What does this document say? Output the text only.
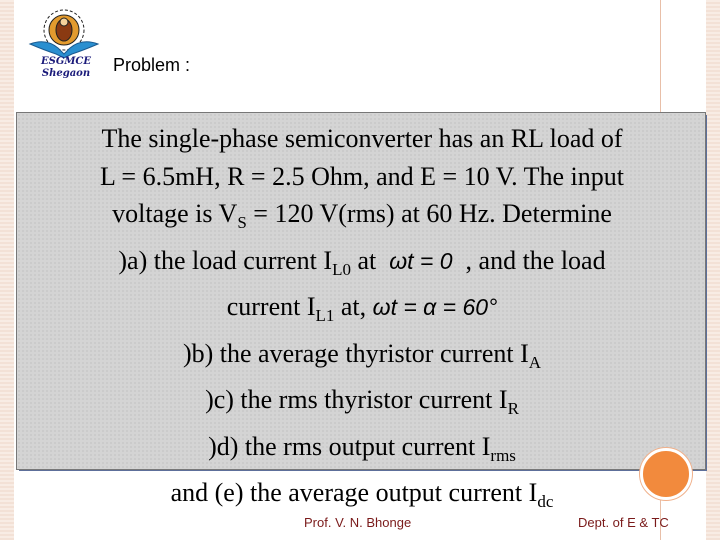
ESGMCE
Shegaon	Problem :

The single-phase semiconverter has an RL load of

L = 6.5mH, R = 2.5 Ohm, and E = 10 V. The input

voltage is $V_S = 120$ V(rms) at 60 Hz. Determine

)a) the load current $I_{L0}$ at ωt = 0 , and the load

current $I_{L1}$ at, ωt = α = 60°

)b) the average thyristor current $I_A$

)c) the rms thyristor current $I_R$

)d) the rms output current $I_{rms}$

and (e) the average output current $I_{dc}$

Prof. V. N. Bhonge	Dept. of E & TC
